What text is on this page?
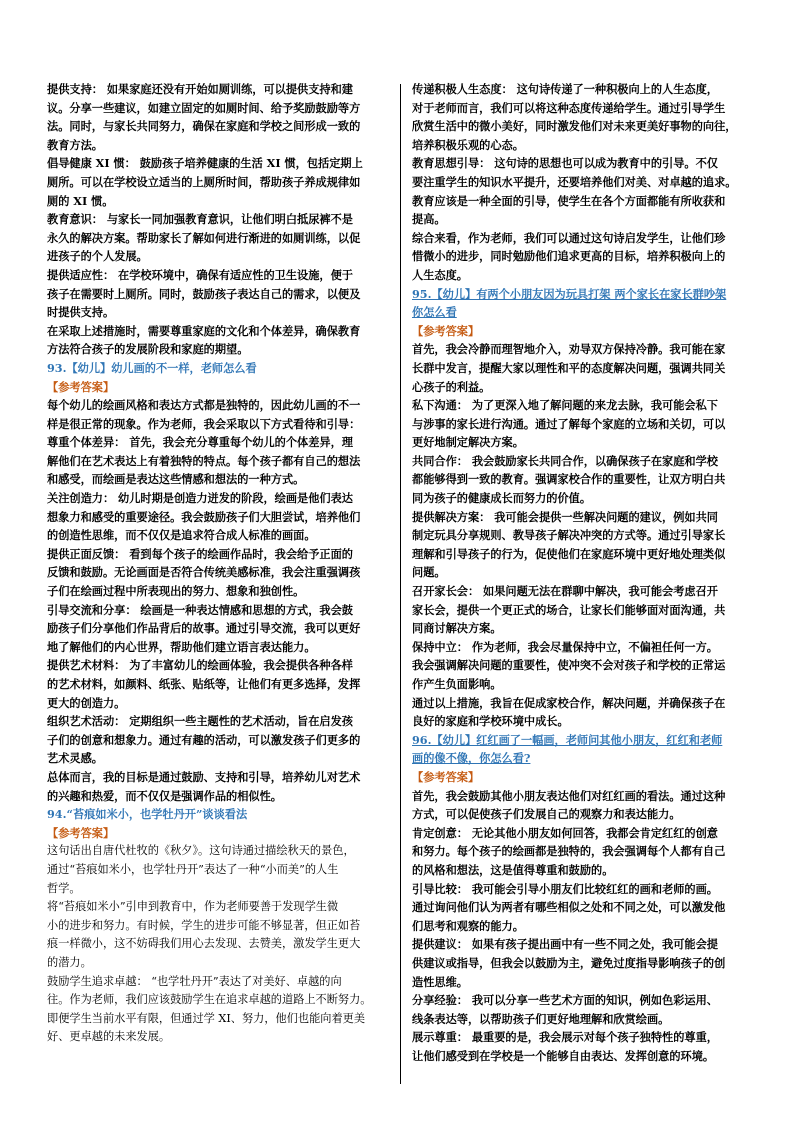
提供支持： 如果家庭还没有开始如厕训练，可以提供支持和建
议。分享一些建议，如建立固定的如厕时间、给予奖励鼓励等方
法。同时，与家长共同努力，确保在家庭和学校之间形成一致的
教育方法。
倡导健康 XI 惯： 鼓励孩子培养健康的生活 XI 惯，包括定期上
厕所。可以在学校设立适当的上厕所时间，帮助孩子养成规律如
厕的 XI 惯。
教育意识： 与家长一同加强教育意识，让他们明白抵尿裤不是
永久的解决方案。帮助家长了解如何进行渐进的如厕训练，以促
进孩子的个人发展。
提供适应性： 在学校环境中，确保有适应性的卫生设施，便于
孩子在需要时上厕所。同时，鼓励孩子表达自己的需求，以便及
时提供支持。
在采取上述措施时，需要尊重家庭的文化和个体差异，确保教育
方法符合孩子的发展阶段和家庭的期望。
93.【幼儿】幼儿画的不一样，老师怎么看
【参考答案】
每个幼儿的绘画风格和表达方式都是独特的，因此幼儿画的不一
样是很正常的现象。作为老师，我会采取以下方式看待和引导：
尊重个体差异： 首先，我会充分尊重每个幼儿的个体差异，理
解他们在艺术表达上有着独特的特点。每个孩子都有自己的想法
和感受，而绘画是表达这些情感和想法的一种方式。
关注创造力： 幼儿时期是创造力迸发的阶段，绘画是他们表达
想象力和感受的重要途径。我会鼓励孩子们大胆尝试，培养他们
的创造性思维，而不仅仅是追求符合成人标准的画面。
提供正面反馈： 看到每个孩子的绘画作品时，我会给予正面的
反馈和鼓励。无论画面是否符合传统美感标准，我会注重强调孩
子们在绘画过程中所表现出的努力、想象和独创性。
引导交流和分享： 绘画是一种表达情感和思想的方式，我会鼓
励孩子们分享他们作品背后的故事。通过引导交流，我可以更好
地了解他们的内心世界，帮助他们建立语言表达能力。
提供艺术材料： 为了丰富幼儿的绘画体验，我会提供各种各样
的艺术材料，如颜料、纸张、贴纸等，让他们有更多选择，发挥
更大的创造力。
组织艺术活动： 定期组织一些主题性的艺术活动，旨在启发孩
子们的创意和想象力。通过有趣的活动，可以激发孩子们更多的
艺术灵感。
总体而言，我的目标是通过鼓励、支持和引导，培养幼儿对艺术
的兴趣和热爱，而不仅仅是强调作品的相似性。
94.“苔痕如米小，也学牡丹开”谈谈看法
【参考答案】
这句话出自唐代杜牧的《秋夕》。这句诗通过描绘秋天的景色，
通过“苔痕如米小，也学牡丹开”表达了一种“小而美”的人生
哲学。
将“苔痕如米小”引申到教育中，作为老师要善于发现学生微
小的进步和努力。有时候，学生的进步可能不够显著，但正如苔
痕一样微小，这不妨碍我们用心去发现、去赞美，激发学生更大
的潜力。
鼓励学生追求卓越： “也学牡丹开”表达了对美好、卓越的向
往。作为老师，我们应该鼓励学生在追求卓越的道路上不断努力。
即便学生当前水平有限，但通过学 XI、努力，他们也能向着更美
好、更卓越的未来发展。
传递积极人生态度： 这句诗传递了一种积极向上的人生态度，
对于老师而言，我们可以将这种态度传递给学生。通过引导学生
欣赏生活中的微小美好，同时激发他们对未来更美好事物的向往，
培养积极乐观的心态。
教育思想引导： 这句诗的思想也可以成为教育中的引导。不仅
要注重学生的知识水平提升，还要培养他们对美、对卓越的追求。
教育应该是一种全面的引导，使学生在各个方面都能有所收获和
提高。
综合来看，作为老师，我们可以通过这句诗启发学生，让他们珍
惜微小的进步，同时勉励他们追求更高的目标，培养积极向上的
人生态度。
95.【幼儿】有两个小朋友因为玩具打架 两个家长在家长群吵架
你怎么看
【参考答案】
首先，我会冷静而理智地介入，劝导双方保持冷静。我可能在家
长群中发言，提醒大家以理性和平的态度解决问题，强调共同关
心孩子的利益。
私下沟通： 为了更深入地了解问题的来龙去脉，我可能会私下
与涉事的家长进行沟通。通过了解每个家庭的立场和关切，可以
更好地制定解决方案。
共同合作： 我会鼓励家长共同合作，以确保孩子在家庭和学校
都能够得到一致的教育。强调家校合作的重要性，让双方明白共
同为孩子的健康成长而努力的价值。
提供解决方案： 我可能会提供一些解决问题的建议，例如共同
制定玩具分享规则、教导孩子解决冲突的方式等。通过引导家长
理解和引导孩子的行为，促使他们在家庭环境中更好地处理类似
问题。
召开家长会： 如果问题无法在群聊中解决，我可能会考虑召开
家长会，提供一个更正式的场合，让家长们能够面对面沟通，共
同商讨解决方案。
保持中立： 作为老师，我会尽量保持中立，不偏袒任何一方。
我会强调解决问题的重要性，使冲突不会对孩子和学校的正常运
作产生负面影响。
通过以上措施，我旨在促成家校合作，解决问题，并确保孩子在
良好的家庭和学校环境中成长。
96.【幼儿】红红画了一幅画，老师问其他小朋友，红红和老师
画的像不像，你怎么看?
【参考答案】
首先，我会鼓励其他小朋友表达他们对红红画的看法。通过这种
方式，可以促使孩子们发展自己的观察力和表达能力。
肯定创意： 无论其他小朋友如何回答，我都会肯定红红的创意
和努力。每个孩子的绘画都是独特的，我会强调每个人都有自己
的风格和想法，这是值得尊重和鼓励的。
引导比较： 我可能会引导小朋友们比较红红的画和老师的画。
通过询问他们认为两者有哪些相似之处和不同之处，可以激发他
们思考和观察的能力。
提供建议： 如果有孩子提出画中有一些不同之处，我可能会提
供建议或指导，但我会以鼓励为主，避免过度指导影响孩子的创
造性思维。
分享经验： 我可以分享一些艺术方面的知识，例如色彩运用、
线条表达等，以帮助孩子们更好地理解和欣赏绘画。
展示尊重： 最重要的是，我会展示对每个孩子独特性的尊重，
让他们感受到在学校是一个能够自由表达、发挥创意的环境。
